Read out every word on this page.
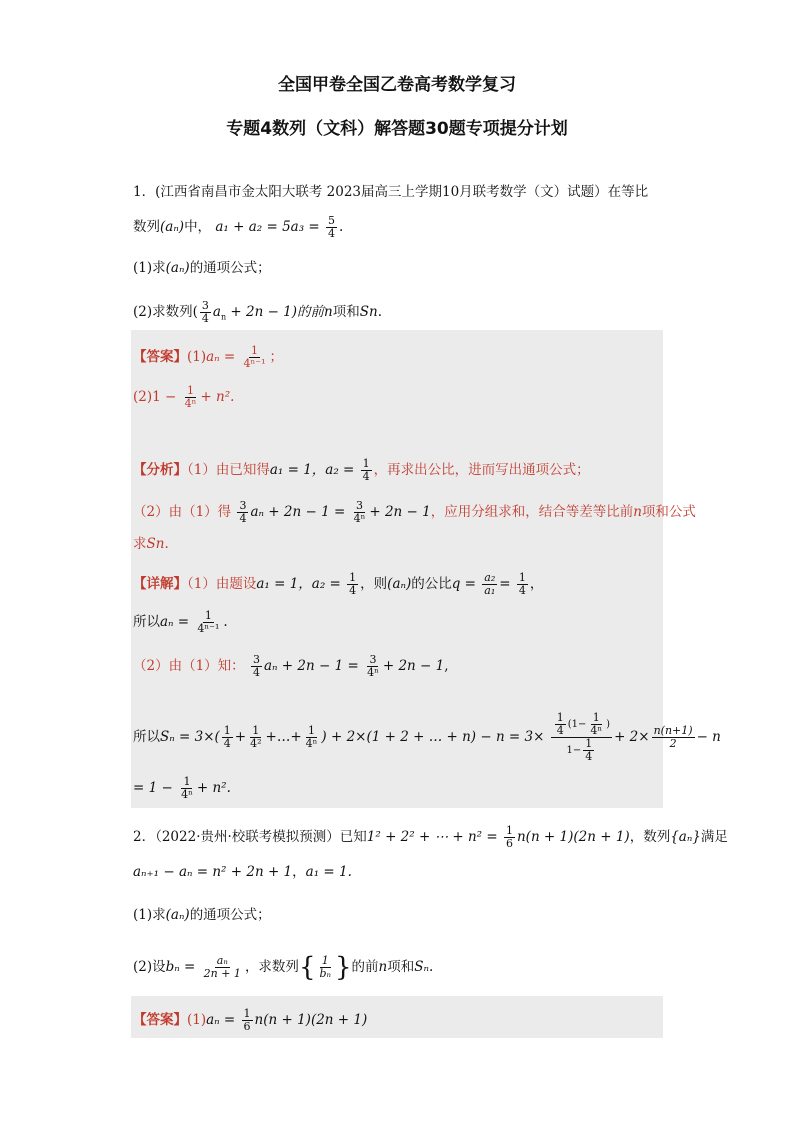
全国甲卷全国乙卷高考数学复习
专题4数列（文科）解答题30题专项提分计划
1．(江西省南昌市金太阳大联考 2023届高三上学期10月联考数学（文）试题）在等比
数列(aₙ)中， $a_1 + a_2 = 5a_3 = \frac{5}{4}$ .
(1)求(aₙ)的通项公式；
(2)求数列( $\frac{3}{4} a_n + 2n - 1$)的前n项和Sn.
【答案】$(1)a_n = \frac{1}{\text{4ⁿ⁻¹}}$ ；
$(2)1 - \frac{1}{\text{4ⁿ}} + n^2$.
【分析】（1）由已知得a₁ = 1，$a_2 = \frac{1}{4}$ ，再求出公比，进而写出通项公式；
（2）由（1）得 $\frac{3}{4}$ $a_n + 2n - 1 = \frac{3}{\text{4ⁿ}} + 2n - 1$，应用分组求和，结合等差等比前n项和公式
求Sn.
【详解】（1）由题设a₁ = 1，$a_2 = \frac{1}{4}$ ，则(aₙ)的公比$q = \frac{\text{a₂}}{\text{a₁}} = \frac{1}{4}$ ，
所以$a_n = \frac{1}{\text{4ⁿ⁻¹}}$ .
（2）由（1）知： $\frac{3}{4}$ $a_n + 2n - 1 = \frac{3}{\text{4ⁿ}} + 2n - 1$,
所以$S_n = 3\times( \frac{1}{4} + \frac{1}{\text{4²}}$ +…+ $\frac{1}{\text{4ⁿ}}$ ) + 2×(1 + 2 + … + $n) - n = 3\times \frac{\frac{1}{4} (1- \frac{1}{\text{4ⁿ}} )}{1- \frac{1}{4}} + 2\times \frac{n(n+1)}{2} - n$
= $1 - \frac{1}{\text{4ⁿ}} + n^2$.
2．（2022·贵州·校联考模拟预测）已知1² + 2² + ⋯ + $n^2 = \frac{1}{6} n(n + 1)(2n + 1)$，数列{aₙ}满足
aₙ₊₁ − aₙ = n² + 2n + 1，a₁ = 1.
(1)求(aₙ)的通项公式；
(2)设$b_n = \frac{\text{aₙ}}{2n + 1}$ ，求数列{ $\frac{1}{\text{bₙ}}$ }的前n项和Sₙ.
【答案】$(1)a_n = \frac{1}{6} n(n + 1)(2n + 1)$
